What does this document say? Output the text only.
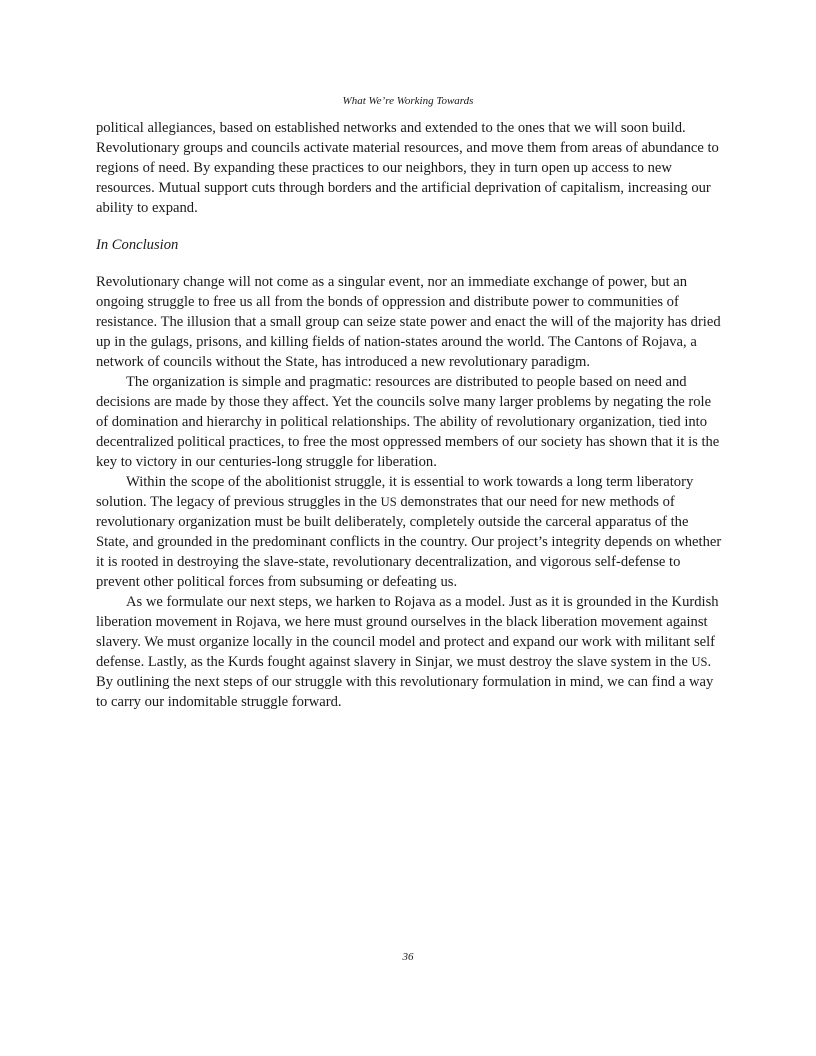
What We’re Working Towards

political allegiances, based on established networks and extended to the ones that we will soon build. Revolutionary groups and councils activate material resources, and move them from areas of abundance to regions of need. By expanding these practices to our neighbors, they in turn open up access to new resources. Mutual support cuts through borders and the artificial deprivation of capitalism, increasing our ability to expand.

In Conclusion

Revolutionary change will not come as a singular event, nor an immediate exchange of power, but an ongoing struggle to free us all from the bonds of oppression and distribute power to communities of resistance. The illusion that a small group can seize state power and enact the will of the majority has dried up in the gulags, prisons, and killing fields of nation-states around the world. The Cantons of Rojava, a network of councils without the State, has introduced a new revolutionary paradigm.

The organization is simple and pragmatic: resources are distributed to people based on need and decisions are made by those they affect. Yet the councils solve many larger problems by negating the role of domination and hierarchy in political relationships. The ability of revolutionary organization, tied into decentralized political practices, to free the most oppressed members of our society has shown that it is the key to victory in our centuries-long struggle for liberation.

Within the scope of the abolitionist struggle, it is essential to work towards a long term liberatory solution. The legacy of previous struggles in the US demonstrates that our need for new methods of revolutionary organization must be built deliberately, completely outside the carceral apparatus of the State, and grounded in the predominant conflicts in the country. Our project’s integrity depends on whether it is rooted in destroying the slave-state, revolutionary decentralization, and vigorous self-defense to prevent other political forces from subsuming or defeating us.

As we formulate our next steps, we harken to Rojava as a model. Just as it is grounded in the Kurdish liberation movement in Rojava, we here must ground ourselves in the black liberation movement against slavery. We must organize locally in the council model and protect and expand our work with militant self defense. Lastly, as the Kurds fought against slavery in Sinjar, we must destroy the slave system in the US. By outlining the next steps of our struggle with this revolutionary formulation in mind, we can find a way to carry our indomitable struggle forward.

36
